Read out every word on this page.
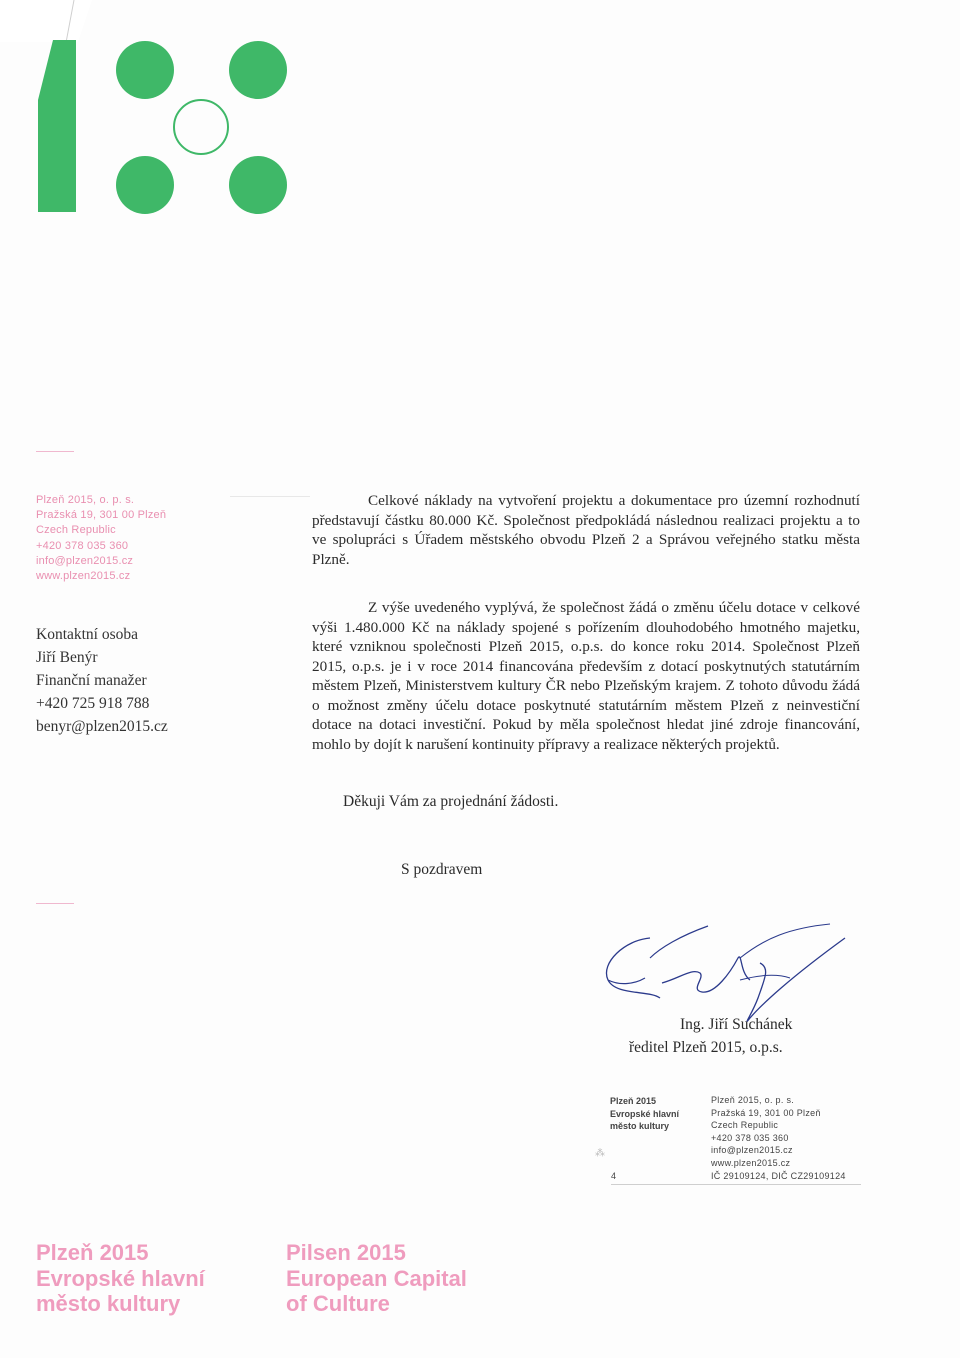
Plzeň 2015, o. p. s.
Pražská 19, 301 00 Plzeň
Czech Republic
+420 378 035 360
info@plzen2015.cz
www.plzen2015.cz
Kontaktní osoba
Jiří Benýr
Finanční manažer
+420 725 918 788
benyr@plzen2015.cz

Celkové náklady na vytvoření projektu a dokumentace pro územní rozhodnutí představují částku 80.000 Kč. Společnost předpokládá následnou realizaci projektu a to ve spolupráci s Úřadem městského obvodu Plzeň 2 a Správou veřejného statku města Plzně.

Z výše uvedeného vyplývá, že společnost žádá o změnu účelu dotace v celkové výši 1.480.000 Kč na náklady spojené s pořízením dlouhodobého hmotného majetku, které vzniknou společnosti Plzeň 2015, o.p.s. do konce roku 2014. Společnost Plzeň 2015, o.p.s. je i v roce 2014 financována především z dotací poskytnutých statutárním městem Plzeň, Ministerstvem kultury ČR nebo Plzeňským krajem. Z tohoto důvodu žádá o možnost změny účelu dotace poskytnuté statutárním městem Plzeň z neinvestiční dotace na dotaci investiční. Pokud by měla společnost hledat jiné zdroje financování, mohlo by dojít k narušení kontinuity přípravy a realizace některých projektů.

Děkuji Vám za projednání žádosti.
S pozdravem
Ing. Jiří Suchánek
ředitel Plzeň 2015, o.p.s.
Plzeň 2015
Evropské hlavní
město kultury
⁂
4
Plzeň 2015, o. p. s.
Pražská 19, 301 00 Plzeň
Czech Republic
+420 378 035 360
info@plzen2015.cz
www.plzen2015.cz
IČ 29109124, DIČ CZ29109124
Plzeň 2015
Evropské hlavní
město kultury
Pilsen 2015
European Capital
of Culture
